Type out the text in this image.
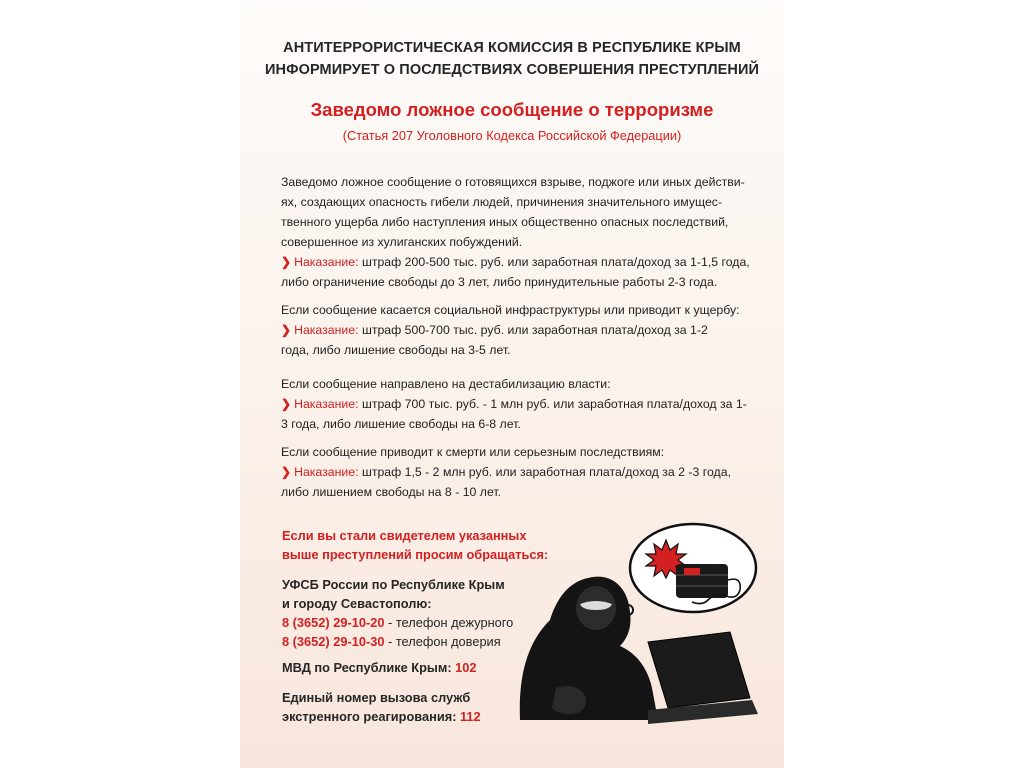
АНТИТЕРРОРИСТИЧЕСКАЯ КОМИССИЯ В РЕСПУБЛИКЕ КРЫМ
ИНФОРМИРУЕТ О ПОСЛЕДСТВИЯХ СОВЕРШЕНИЯ ПРЕСТУПЛЕНИЙ
Заведомо ложное сообщение о терроризме
(Статья 207 Уголовного Кодекса Российской Федерации)
Заведомо ложное сообщение о готовящихся взрыве, поджоге или иных действи-
ях, создающих опасность гибели людей, причинения значительного имущес-
твенного ущерба либо наступления иных общественно опасных последствий,
совершенное из хулиганских побуждений.
❯ Наказание: штраф 200-500 тыс. руб. или заработная плата/доход за 1-1,5 года,
либо ограничение свободы до 3 лет, либо принудительные работы 2-3 года.
Если сообщение касается социальной инфраструктуры или приводит к ущербу:
❯ Наказание: штраф 500-700 тыс. руб. или заработная плата/доход за 1-2
года, либо лишение свободы на 3-5 лет.
Если сообщение направлено на дестабилизацию власти:
❯ Наказание: штраф 700 тыс. руб. - 1 млн руб. или заработная плата/доход за 1-
3 года, либо лишение свободы на 6-8 лет.
Если сообщение приводит к смерти или серьезным последствиям:
❯ Наказание: штраф 1,5 - 2 млн руб. или заработная плата/доход за 2 -3 года,
либо лишением свободы на 8 - 10 лет.
Если вы стали свидетелем указанных
выше преступлений просим обращаться:
УФСБ России по Республике Крым
и городу Севастополю:
8 (3652) 29-10-20 - телефон дежурного
8 (3652) 29-10-30 - телефон доверия
МВД по Республике Крым: 102
Единый номер вызова служб
экстренного реагирования: 112
